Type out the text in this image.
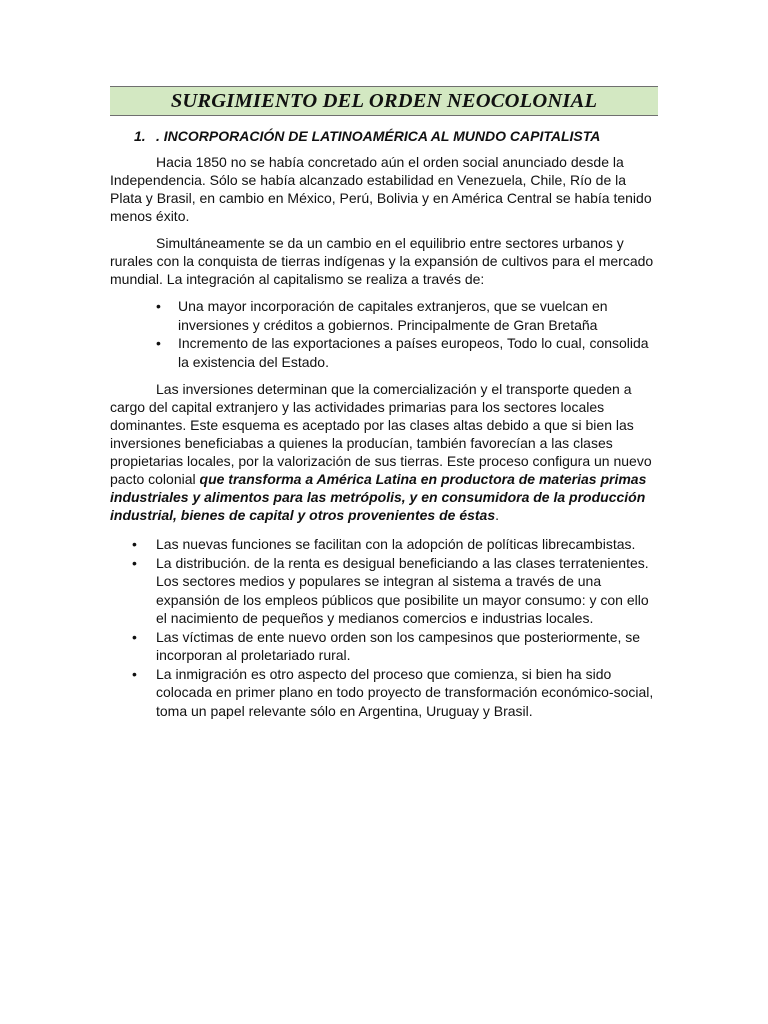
SURGIMIENTO DEL ORDEN NEOCOLONIAL
1. . INCORPORACIÓN DE LATINOAMÉRICA AL MUNDO CAPITALISTA

Hacia 1850 no se había concretado aún el orden social anunciado desde la Independencia. Sólo se había alcanzado estabilidad en Venezuela, Chile, Río de la Plata y Brasil, en cambio en México, Perú, Bolivia y en América Central se había tenido menos éxito.

Simultáneamente se da un cambio en el equilibrio entre sectores urbanos y rurales con la conquista de tierras indígenas y la expansión de cultivos para el mercado mundial. La integración al capitalismo se realiza a través de:

• Una mayor incorporación de capitales extranjeros, que se vuelcan en inversiones y créditos a gobiernos. Principalmente de Gran Bretaña
• Incremento de las exportaciones a países europeos, Todo lo cual, consolida la existencia del Estado.

Las inversiones determinan que la comercialización y el transporte queden a cargo del capital extranjero y las actividades primarias para los sectores locales dominantes. Este esquema es aceptado por las clases altas debido a que si bien las inversiones beneficiabas a quienes la producían, también favorecían a las clases propietarias locales, por la valorización de sus tierras. Este proceso configura un nuevo pacto colonial que transforma a América Latina en productora de materias primas industriales y alimentos para las metrópolis, y en consumidora de la producción industrial, bienes de capital y otros provenientes de éstas.

• Las nuevas funciones se facilitan con la adopción de políticas librecambistas.
• La distribución. de la renta es desigual beneficiando a las clases terratenientes. Los sectores medios y populares se integran al sistema a través de una expansión de los empleos públicos que posibilite un mayor consumo: y con ello el nacimiento de pequeños y medianos comercios e industrias locales.
• Las víctimas de ente nuevo orden son los campesinos que posteriormente, se incorporan al proletariado rural.
• La inmigración es otro aspecto del proceso que comienza, si bien ha sido colocada en primer plano en todo proyecto de transformación económico-social, toma un papel relevante sólo en Argentina, Uruguay y Brasil.
